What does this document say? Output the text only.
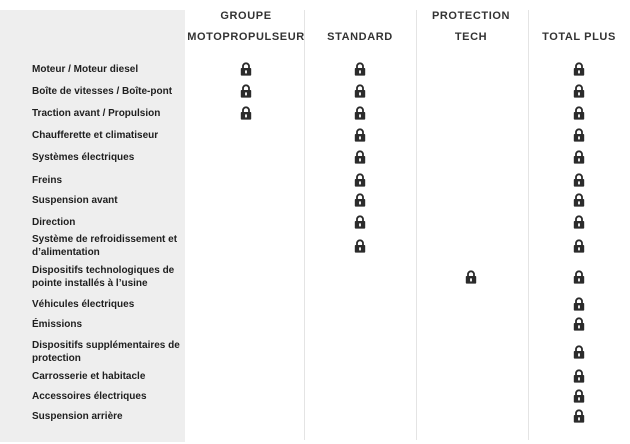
GROUPE
MOTOPROPULSEUR	STANDARD
PROTECTION
TECH	TOTAL PLUS
Moteur / Moteur diesel
Boîte de vitesses / Boîte-pont
Traction avant / Propulsion
Chaufferette et climatiseur
Systèmes électriques
Freins
Suspension avant
Direction
Système de refroidissement et d’alimentation
Dispositifs technologiques de pointe installés à l’usine
Véhicules électriques
Émissions
Dispositifs supplémentaires de protection
Carrosserie et habitacle
Accessoires électriques
Suspension arrière
